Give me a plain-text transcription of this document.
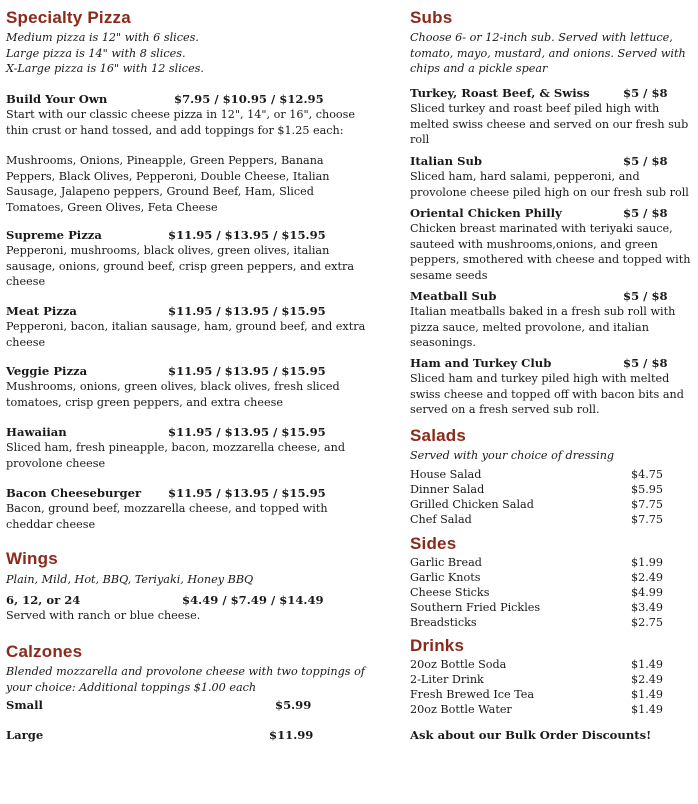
Specialty Pizza
Medium pizza is 12" with 6 slices.
Large pizza is 14" with 8 slices.
X-Large pizza is 16" with 12 slices.
Build Your Own	$7.95 / $10.95 / $12.95
Start with our classic cheese pizza in 12", 14", or 16", choose thin crust or hand tossed, and add toppings for $1.25 each:
Mushrooms, Onions, Pineapple, Green Peppers, Banana Peppers, Black Olives, Pepperoni, Double Cheese, Italian Sausage, Jalapeno peppers, Ground Beef, Ham, Sliced Tomatoes, Green Olives, Feta Cheese
Supreme Pizza	$11.95 / $13.95 / $15.95
Pepperoni, mushrooms, black olives, green olives, italian sausage, onions, ground beef, crisp green peppers, and extra cheese
Meat Pizza	$11.95 / $13.95 / $15.95
Pepperoni, bacon, italian sausage, ham, ground beef, and extra cheese
Veggie Pizza	$11.95 / $13.95 / $15.95
Mushrooms, onions, green olives, black olives, fresh sliced tomatoes, crisp green peppers, and extra cheese
Hawaiian	$11.95 / $13.95 / $15.95
Sliced ham, fresh pineapple, bacon, mozzarella cheese, and provolone cheese
Bacon Cheeseburger $11.95 / $13.95 / $15.95
Bacon, ground beef, mozzarella cheese, and topped with cheddar cheese
Wings
Plain, Mild, Hot, BBQ, Teriyaki, Honey BBQ
6, 12, or 24	$4.49 / $7.49 / $14.49
Served with ranch or blue cheese.
Calzones
Blended mozzarella and provolone cheese with two toppings of your choice: Additional toppings $1.00 each
Small	$5.99
Large	$11.99
Subs
Choose 6- or 12-inch sub. Served with lettuce, tomato, mayo, mustard, and onions. Served with chips and a pickle spear
Turkey, Roast Beef, & Swiss	$5 / $8
Sliced turkey and roast beef piled high with melted swiss cheese and served on our fresh sub roll
Italian Sub	$5 / $8
Sliced ham, hard salami, pepperoni, and provolone cheese piled high on our fresh sub roll
Oriental Chicken Philly	$5 / $8
Chicken breast marinated with teriyaki sauce, sauteed with mushrooms,onions, and green peppers, smothered with cheese and topped with sesame seeds
Meatball Sub	$5 / $8
Italian meatballs baked in a fresh sub roll with pizza sauce, melted provolone, and italian seasonings.
Ham and Turkey Club	$5 / $8
Sliced ham and turkey piled high with melted swiss cheese and topped off with bacon bits and served on a fresh served sub roll.
Salads
Served with your choice of dressing
House Salad	$4.75
Dinner Salad	$5.95
Grilled Chicken Salad	$7.75
Chef Salad	$7.75
Sides
Garlic Bread	$1.99
Garlic Knots	$2.49
Cheese Sticks	$4.99
Southern Fried Pickles	$3.49
Breadsticks	$2.75
Drinks
20oz Bottle Soda	$1.49
2-Liter Drink	$2.49
Fresh Brewed Ice Tea	$1.49
20oz Bottle Water	$1.49
Ask about our Bulk Order Discounts!
